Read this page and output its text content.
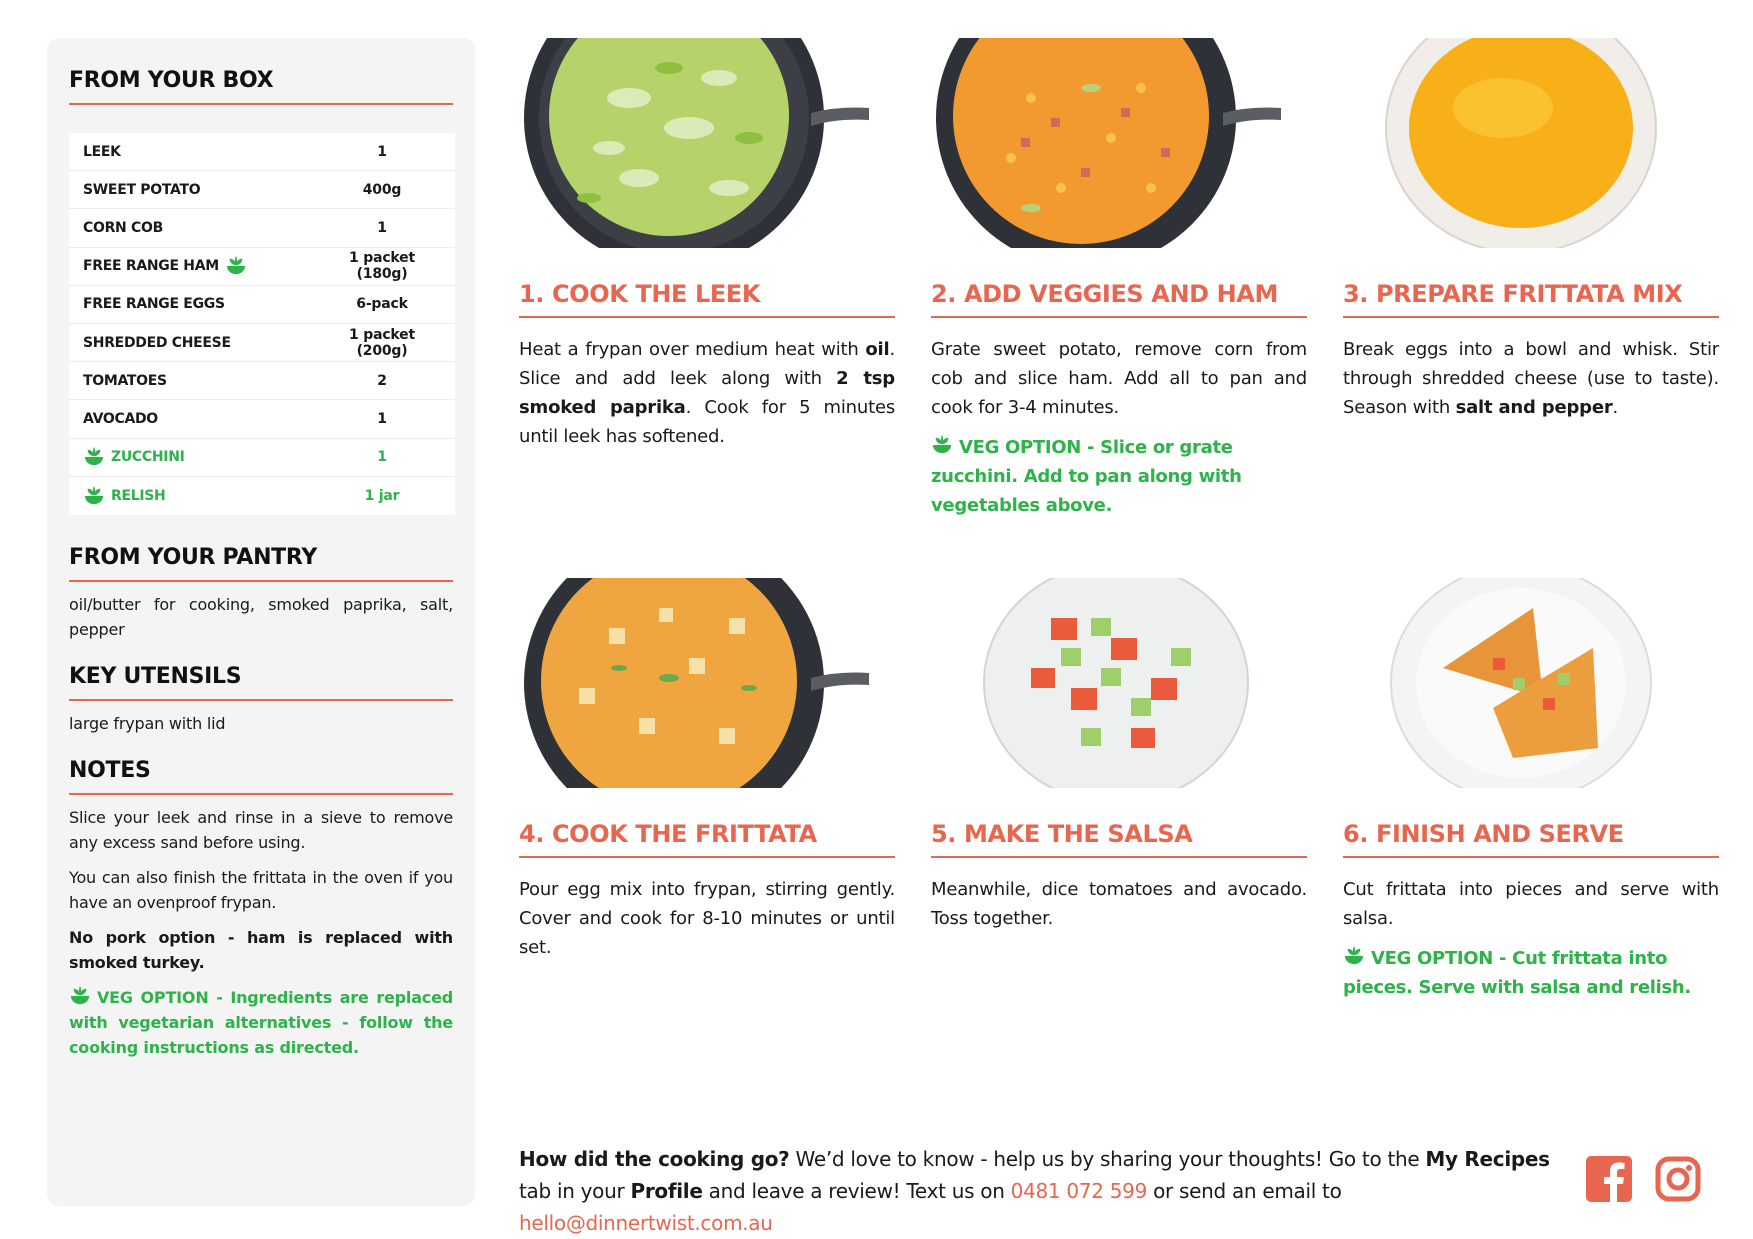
FROM YOUR BOX
LEEK	1
SWEET POTATO	400g
CORN COB	1
FREE RANGE HAM	1 packet (180g)
FREE RANGE EGGS	6-pack
SHREDDED CHEESE	1 packet (200g)
TOMATOES	2
AVOCADO	1
ZUCCHINI	1
RELISH	1 jar
FROM YOUR PANTRY
oil/butter for cooking, smoked paprika, salt, pepper
KEY UTENSILS
large frypan with lid
NOTES
Slice your leek and rinse in a sieve to remove any excess sand before using.
You can also finish the frittata in the oven if you have an ovenproof frypan.
No pork option - ham is replaced with smoked turkey.
VEG OPTION - Ingredients are replaced with vegetarian alternatives - follow the cooking instructions as directed.
1. COOK THE LEEK
Heat a frypan over medium heat with oil. Slice and add leek along with 2 tsp smoked paprika. Cook for 5 minutes until leek has softened.
2. ADD VEGGIES AND HAM
Grate sweet potato, remove corn from cob and slice ham. Add all to pan and cook for 3-4 minutes.
VEG OPTION - Slice or grate zucchini. Add to pan along with vegetables above.
3. PREPARE FRITTATA MIX
Break eggs into a bowl and whisk. Stir through shredded cheese (use to taste). Season with salt and pepper.
4. COOK THE FRITTATA
Pour egg mix into frypan, stirring gently. Cover and cook for 8-10 minutes or until set.
5. MAKE THE SALSA
Meanwhile, dice tomatoes and avocado. Toss together.
6. FINISH AND SERVE
Cut frittata into pieces and serve with salsa.
VEG OPTION - Cut frittata into pieces. Serve with salsa and relish.
How did the cooking go? We’d love to know - help us by sharing your thoughts! Go to the My Recipes tab in your Profile and leave a review! Text us on 0481 072 599 or send an email to hello@dinnertwist.com.au
